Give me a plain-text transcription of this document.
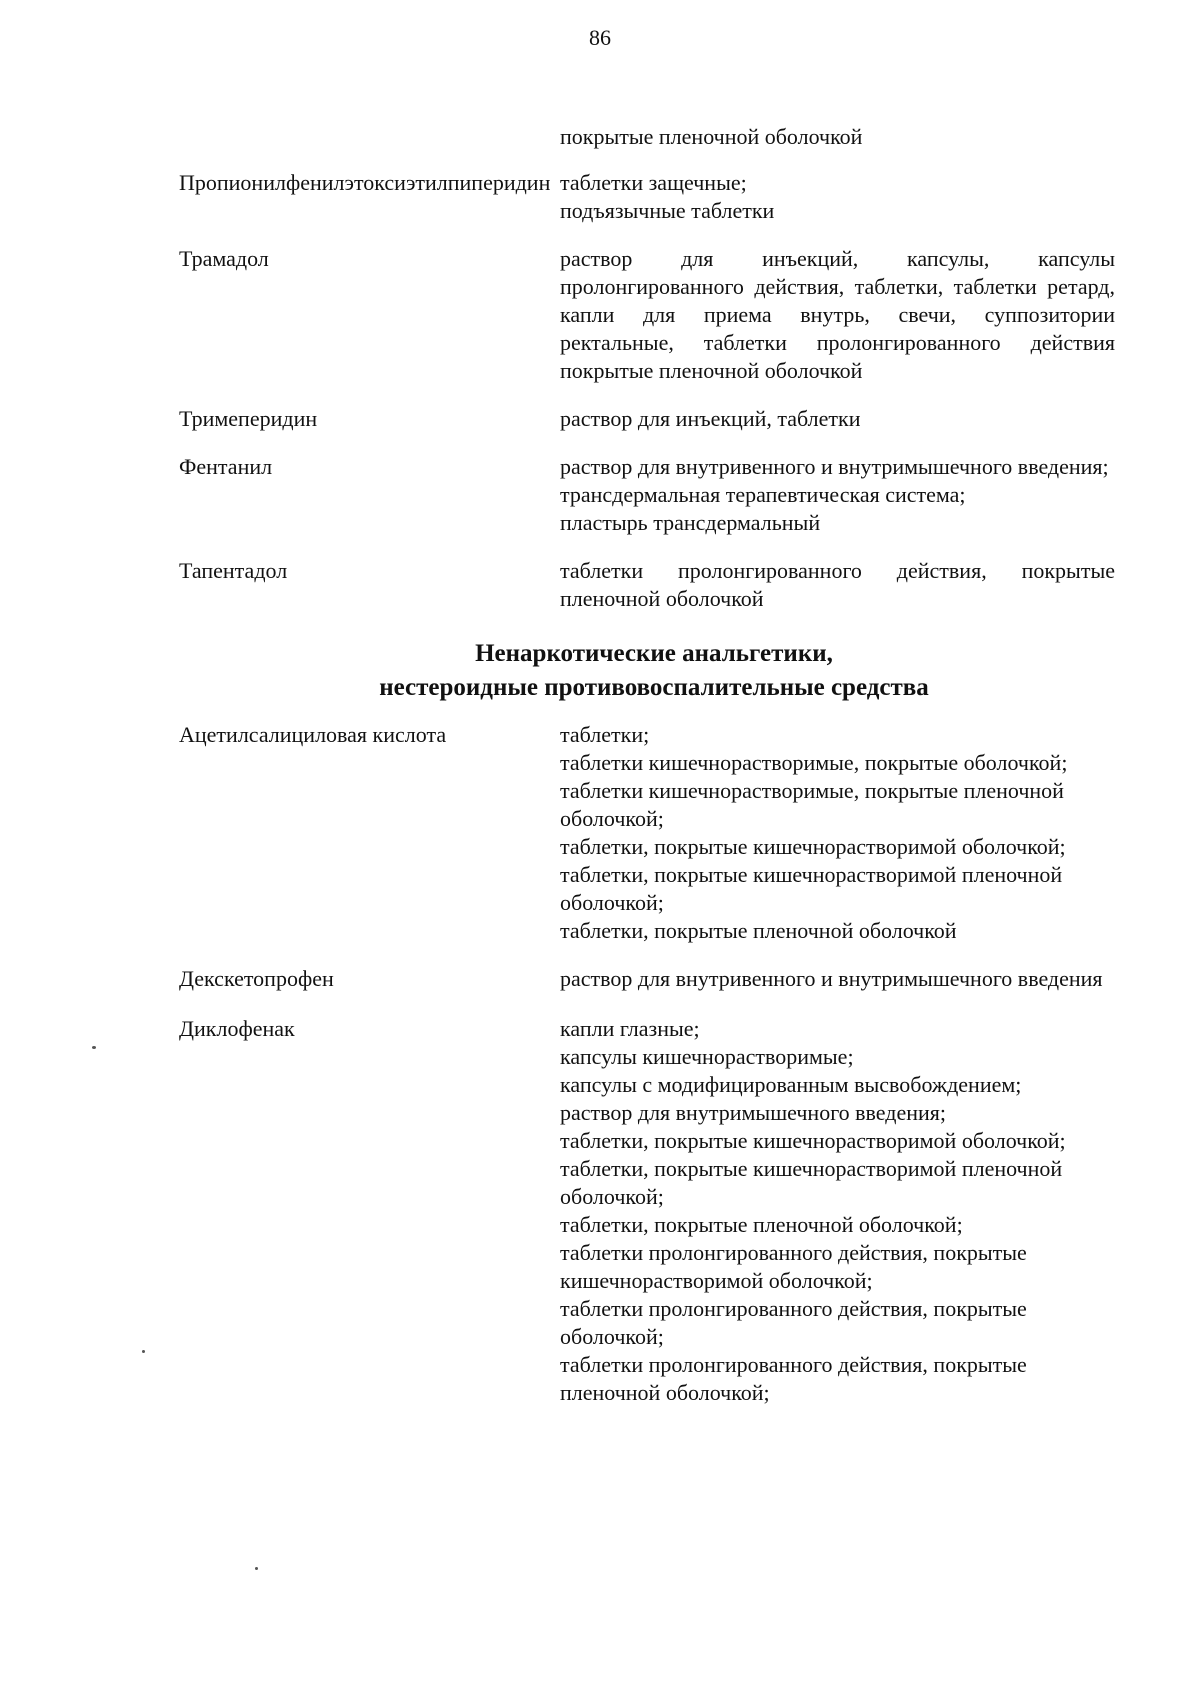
86
покрытые пленочной оболочкой
Пропионилфенилэтоксиэтилпиперидин таблетки защечные;
подъязычные таблетки
Трамадол	раствор для инъекций, капсулы, капсулы пролонгированного действия, таблетки, таблетки ретард, капли для приема внутрь, свечи, суппозитории ректальные, таблетки пролонгированного действия покрытые пленочной оболочкой
Тримеперидин	раствор для инъекций, таблетки
Фентанил	раствор для внутривенного и внутримышечного введения;
трансдермальная терапевтическая система;
пластырь трансдермальный
Тапентадол	таблетки пролонгированного действия, покрытые пленочной оболочкой
Ненаркотические анальгетики,
нестероидные противовоспалительные средства
Ацетилсалициловая кислота	таблетки;
таблетки кишечнорастворимые, покрытые оболочкой;
таблетки кишечнорастворимые, покрытые пленочной оболочкой;
таблетки, покрытые кишечнорастворимой оболочкой;
таблетки, покрытые кишечнорастворимой пленочной оболочкой;
таблетки, покрытые пленочной оболочкой
Декскетопрофен	раствор для внутривенного и внутримышечного введения
Диклофенак	капли глазные;
капсулы кишечнорастворимые;
капсулы с модифицированным высвобождением;
раствор для внутримышечного введения;
таблетки, покрытые кишечнорастворимой оболочкой;
таблетки, покрытые кишечнорастворимой пленочной оболочкой;
таблетки, покрытые пленочной оболочкой;
таблетки пролонгированного действия, покрытые кишечнорастворимой оболочкой;
таблетки пролонгированного действия, покрытые оболочкой;
таблетки пролонгированного действия, покрытые пленочной оболочкой;
